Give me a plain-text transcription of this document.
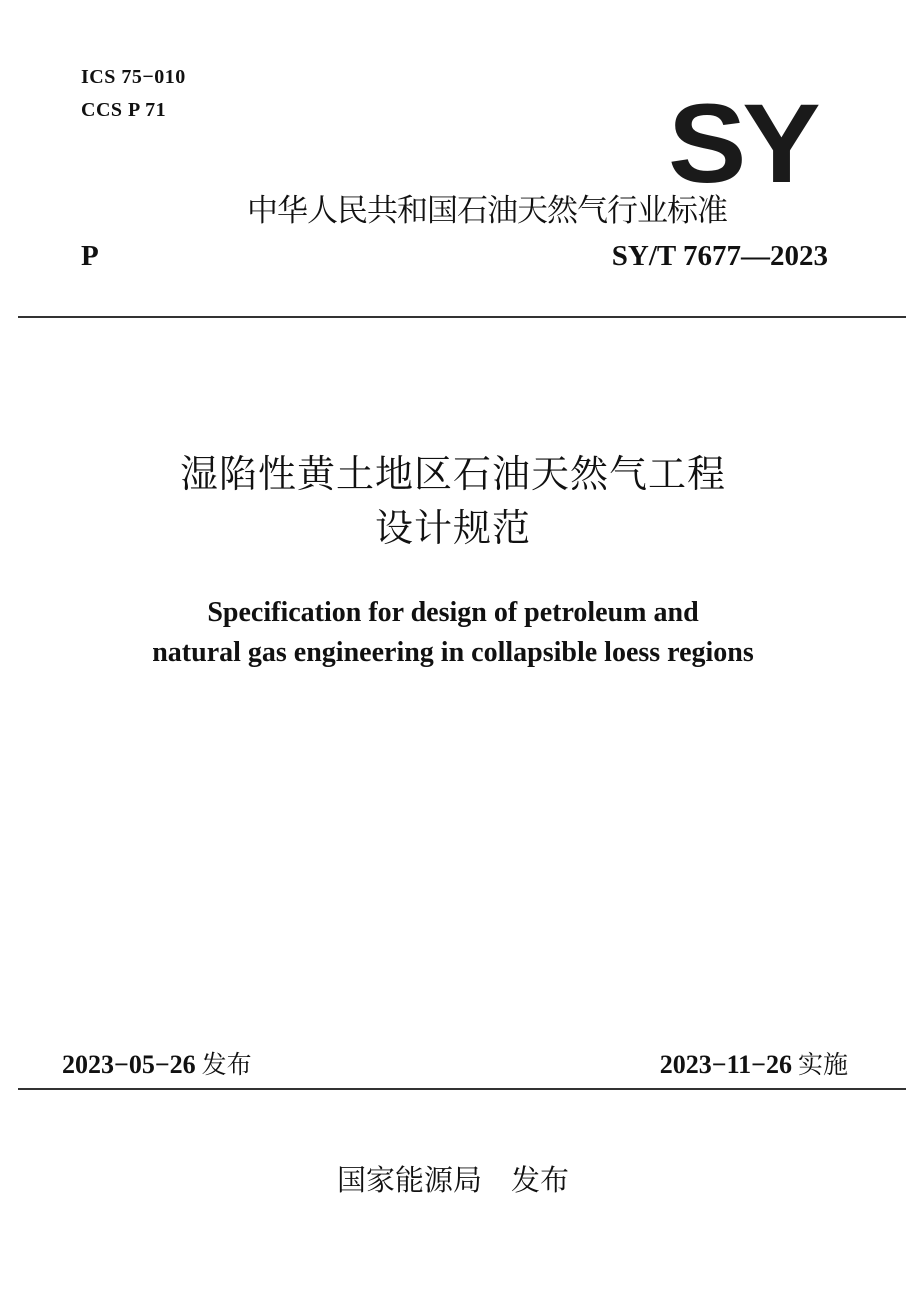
ICS 75−010
CCS P 71	SY
中华人民共和国石油天然气行业标准
P	SY/T 7677—2023
湿陷性黄土地区石油天然气工程
设计规范
Specification for design of petroleum and
natural gas engineering in collapsible loess regions
2023−05−26 发布	2023−11−26 实施
国家能源局　发布
